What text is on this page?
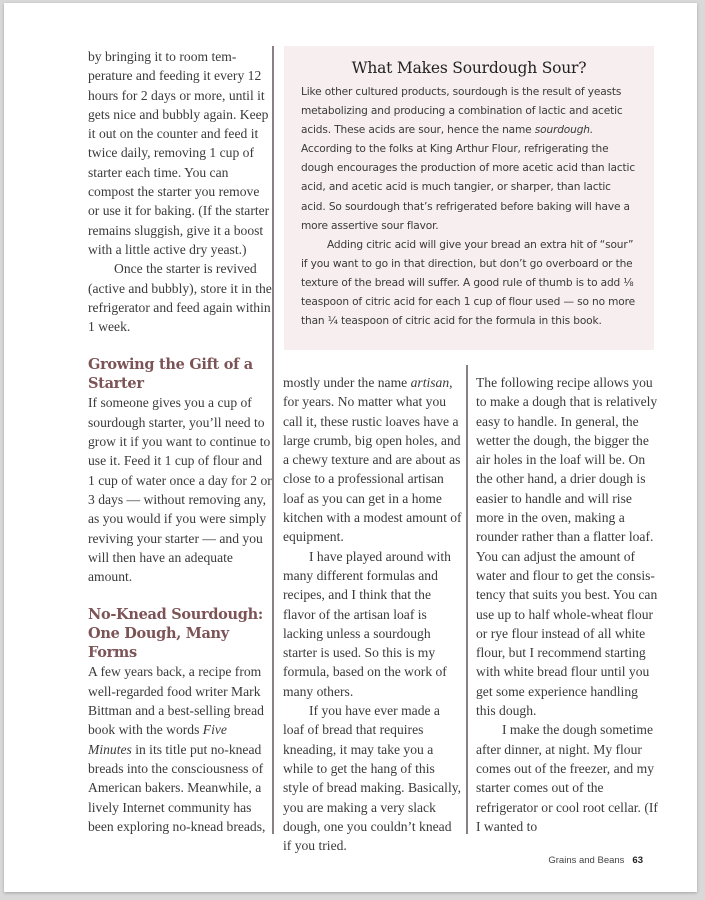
by bringing it to room temperature and feeding it every 12 hours for 2 days or more, until it gets nice and bubbly again. Keep it out on the counter and feed it twice daily, removing 1 cup of starter each time. You can compost the starter you remove or use it for baking. (If the starter remains sluggish, give it a boost with a little active dry yeast.)

Once the starter is revived (active and bubbly), store it in the refrigerator and feed again within 1 week.

Growing the Gift of a Starter

If someone gives you a cup of sourdough starter, you’ll need to grow it if you want to continue to use it. Feed it 1 cup of flour and 1 cup of water once a day for 2 or 3 days — without removing any, as you would if you were simply reviving your starter — and you will then have an adequate amount.

No-Knead Sourdough: One Dough, Many Forms

A few years back, a recipe from well-regarded food writer Mark Bittman and a best-selling bread book with the words Five Minutes in its title put no-knead breads into the consciousness of American bakers. Meanwhile, a lively Internet community has been exploring no-knead breads,

What Makes Sourdough Sour?

Like other cultured products, sourdough is the result of yeasts metabolizing and producing a combination of lactic and acetic acids. These acids are sour, hence the name sourdough. According to the folks at King Arthur Flour, refrigerating the dough encourages the production of more acetic acid than lactic acid, and acetic acid is much tangier, or sharper, than lactic acid. So sourdough that’s refrigerated before baking will have a more assertive sour flavor.

Adding citric acid will give your bread an extra hit of “sour” if you want to go in that direction, but don’t go overboard or the texture of the bread will suffer. A good rule of thumb is to add ⅛ teaspoon of citric acid for each 1 cup of flour used — so no more than ¼ teaspoon of citric acid for the formula in this book.

mostly under the name artisan, for years. No matter what you call it, these rustic loaves have a large crumb, big open holes, and a chewy texture and are about as close to a professional artisan loaf as you can get in a home kitchen with a modest amount of equipment.

I have played around with many different formulas and recipes, and I think that the flavor of the artisan loaf is lacking unless a sourdough starter is used. So this is my formula, based on the work of many others.

If you have ever made a loaf of bread that requires kneading, it may take you a while to get the hang of this style of bread making. Basically, you are making a very slack dough, one you couldn’t knead if you tried.

The following recipe allows you to make a dough that is relatively easy to handle. In general, the wetter the dough, the bigger the air holes in the loaf will be. On the other hand, a drier dough is easier to handle and will rise more in the oven, making a rounder rather than a flatter loaf. You can adjust the amount of water and flour to get the consistency that suits you best. You can use up to half whole-wheat flour or rye flour instead of all white flour, but I recommend starting with white bread flour until you get some experience handling this dough.

I make the dough sometime after dinner, at night. My flour comes out of the freezer, and my starter comes out of the refrigerator or cool root cellar. (If I wanted to

Grains and Beans 63
